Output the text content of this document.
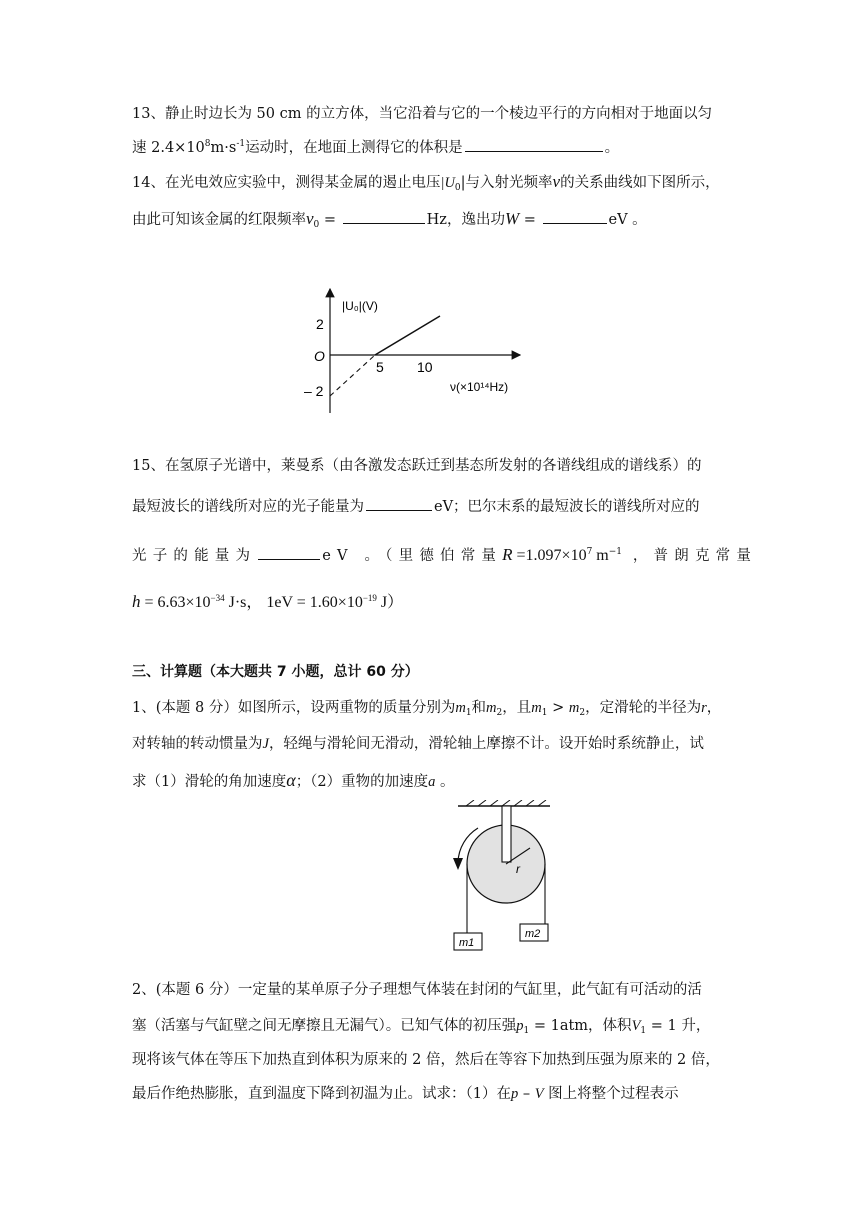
13、静止时边长为 50 cm 的立方体，当它沿着与它的一个棱边平行的方向相对于地面以匀
速 $2.4\times 10^8m\cdot s^{-1}$运动时，在地面上测得它的体积是	。
14、在光电效应实验中，测得某金属的遏止电压$|U_0|$与入射光频率ν的关系曲线如下图所示，
由此可知该金属的红限频率$\nu_0$ =	Hz，逸出功W =	eV 。
|U₀|(V)
2
O
– 2
5 10
ν(×10¹⁴Hz)
15、在氢原子光谱中，莱曼系（由各激发态跃迁到基态所发射的各谱线组成的谱线系）的
最短波长的谱线所对应的光子能量为	eV；巴尔末系的最短波长的谱线所对应的
光子的能量为	eV 。（里德伯常量$R =1.097\times 10^7$ $m^{-1}$ ，普朗克常量
$h = 6.63\times 10^{-34}$ J·s， $1eV = 1.60\times 10^{-19}$ J）
三、计算题（本大题共 7 小题，总计 60 分）
1、(本题 8 分）如图所示，设两重物的质量分别为$m_1$和$m_2$，且$m_1 > m_2$，定滑轮的半径为r，
对转轴的转动惯量为J，轻绳与滑轮间无滑动，滑轮轴上摩擦不计。设开始时系统静止，试
求（1）滑轮的角加速度α；（2）重物的加速度a 。
r
m1
m2
2、(本题 6 分）一定量的某单原子分子理想气体装在封闭的气缸里，此气缸有可活动的活
塞（活塞与气缸壁之间无摩擦且无漏气）。已知气体的初压强$p_1 = 1atm$，体积$V_1 = 1$ 升，
现将该气体在等压下加热直到体积为原来的 2 倍，然后在等容下加热到压强为原来的 2 倍，
最后作绝热膨胀，直到温度下降到初温为止。试求：（1）在p – V 图上将整个过程表示
